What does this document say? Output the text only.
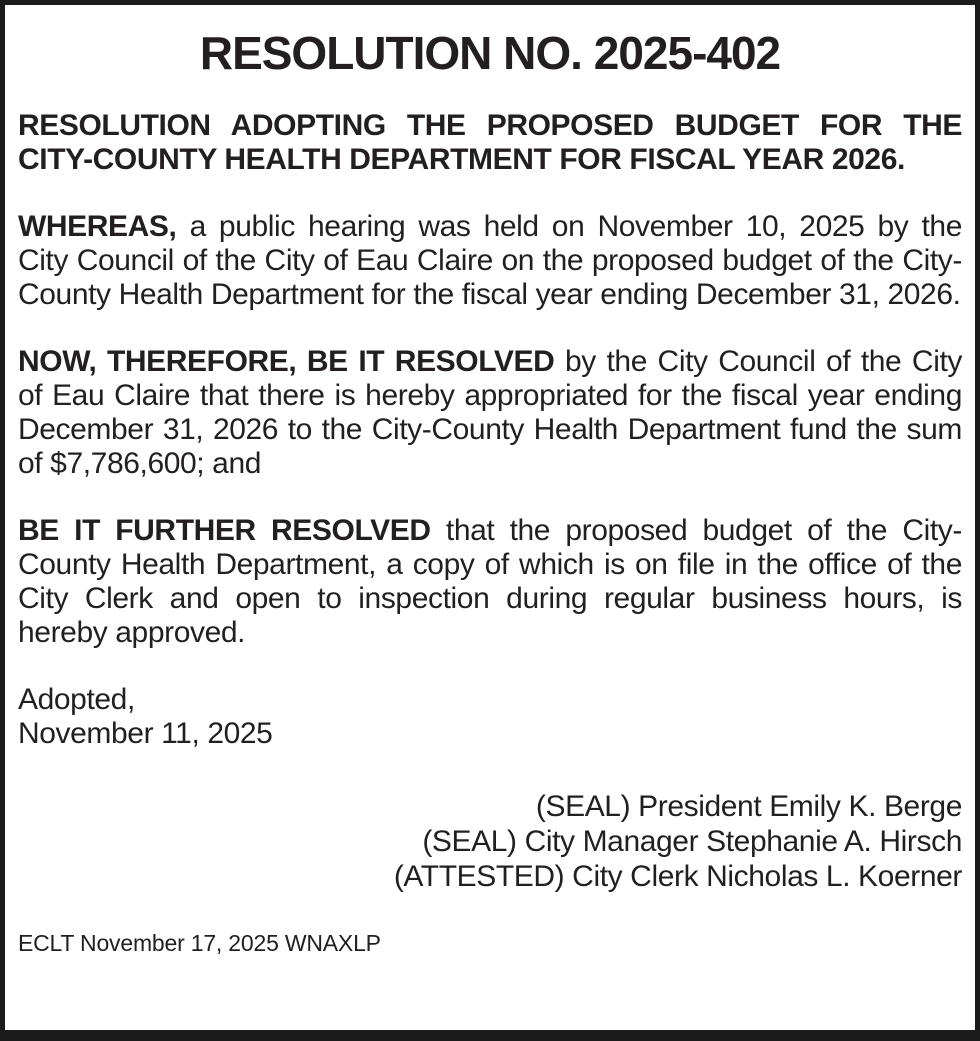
RESOLUTION NO. 2025-402

RESOLUTION ADOPTING THE PROPOSED BUDGET FOR THE CITY-COUNTY HEALTH DEPARTMENT FOR FISCAL YEAR 2026.

WHEREAS, a public hearing was held on November 10, 2025 by the City Council of the City of Eau Claire on the proposed budget of the City-County Health Department for the fiscal year ending December 31, 2026.

NOW, THEREFORE, BE IT RESOLVED by the City Council of the City of Eau Claire that there is hereby appropriated for the fiscal year ending December 31, 2026 to the City-County Health Department fund the sum of $7,786,600; and

BE IT FURTHER RESOLVED that the proposed budget of the City-County Health Department, a copy of which is on file in the office of the City Clerk and open to inspection during regular business hours, is hereby approved.

Adopted,
November 11, 2025
(SEAL) President Emily K. Berge
(SEAL) City Manager Stephanie A. Hirsch
(ATTESTED) City Clerk Nicholas L. Koerner
ECLT November 17, 2025 WNAXLP
